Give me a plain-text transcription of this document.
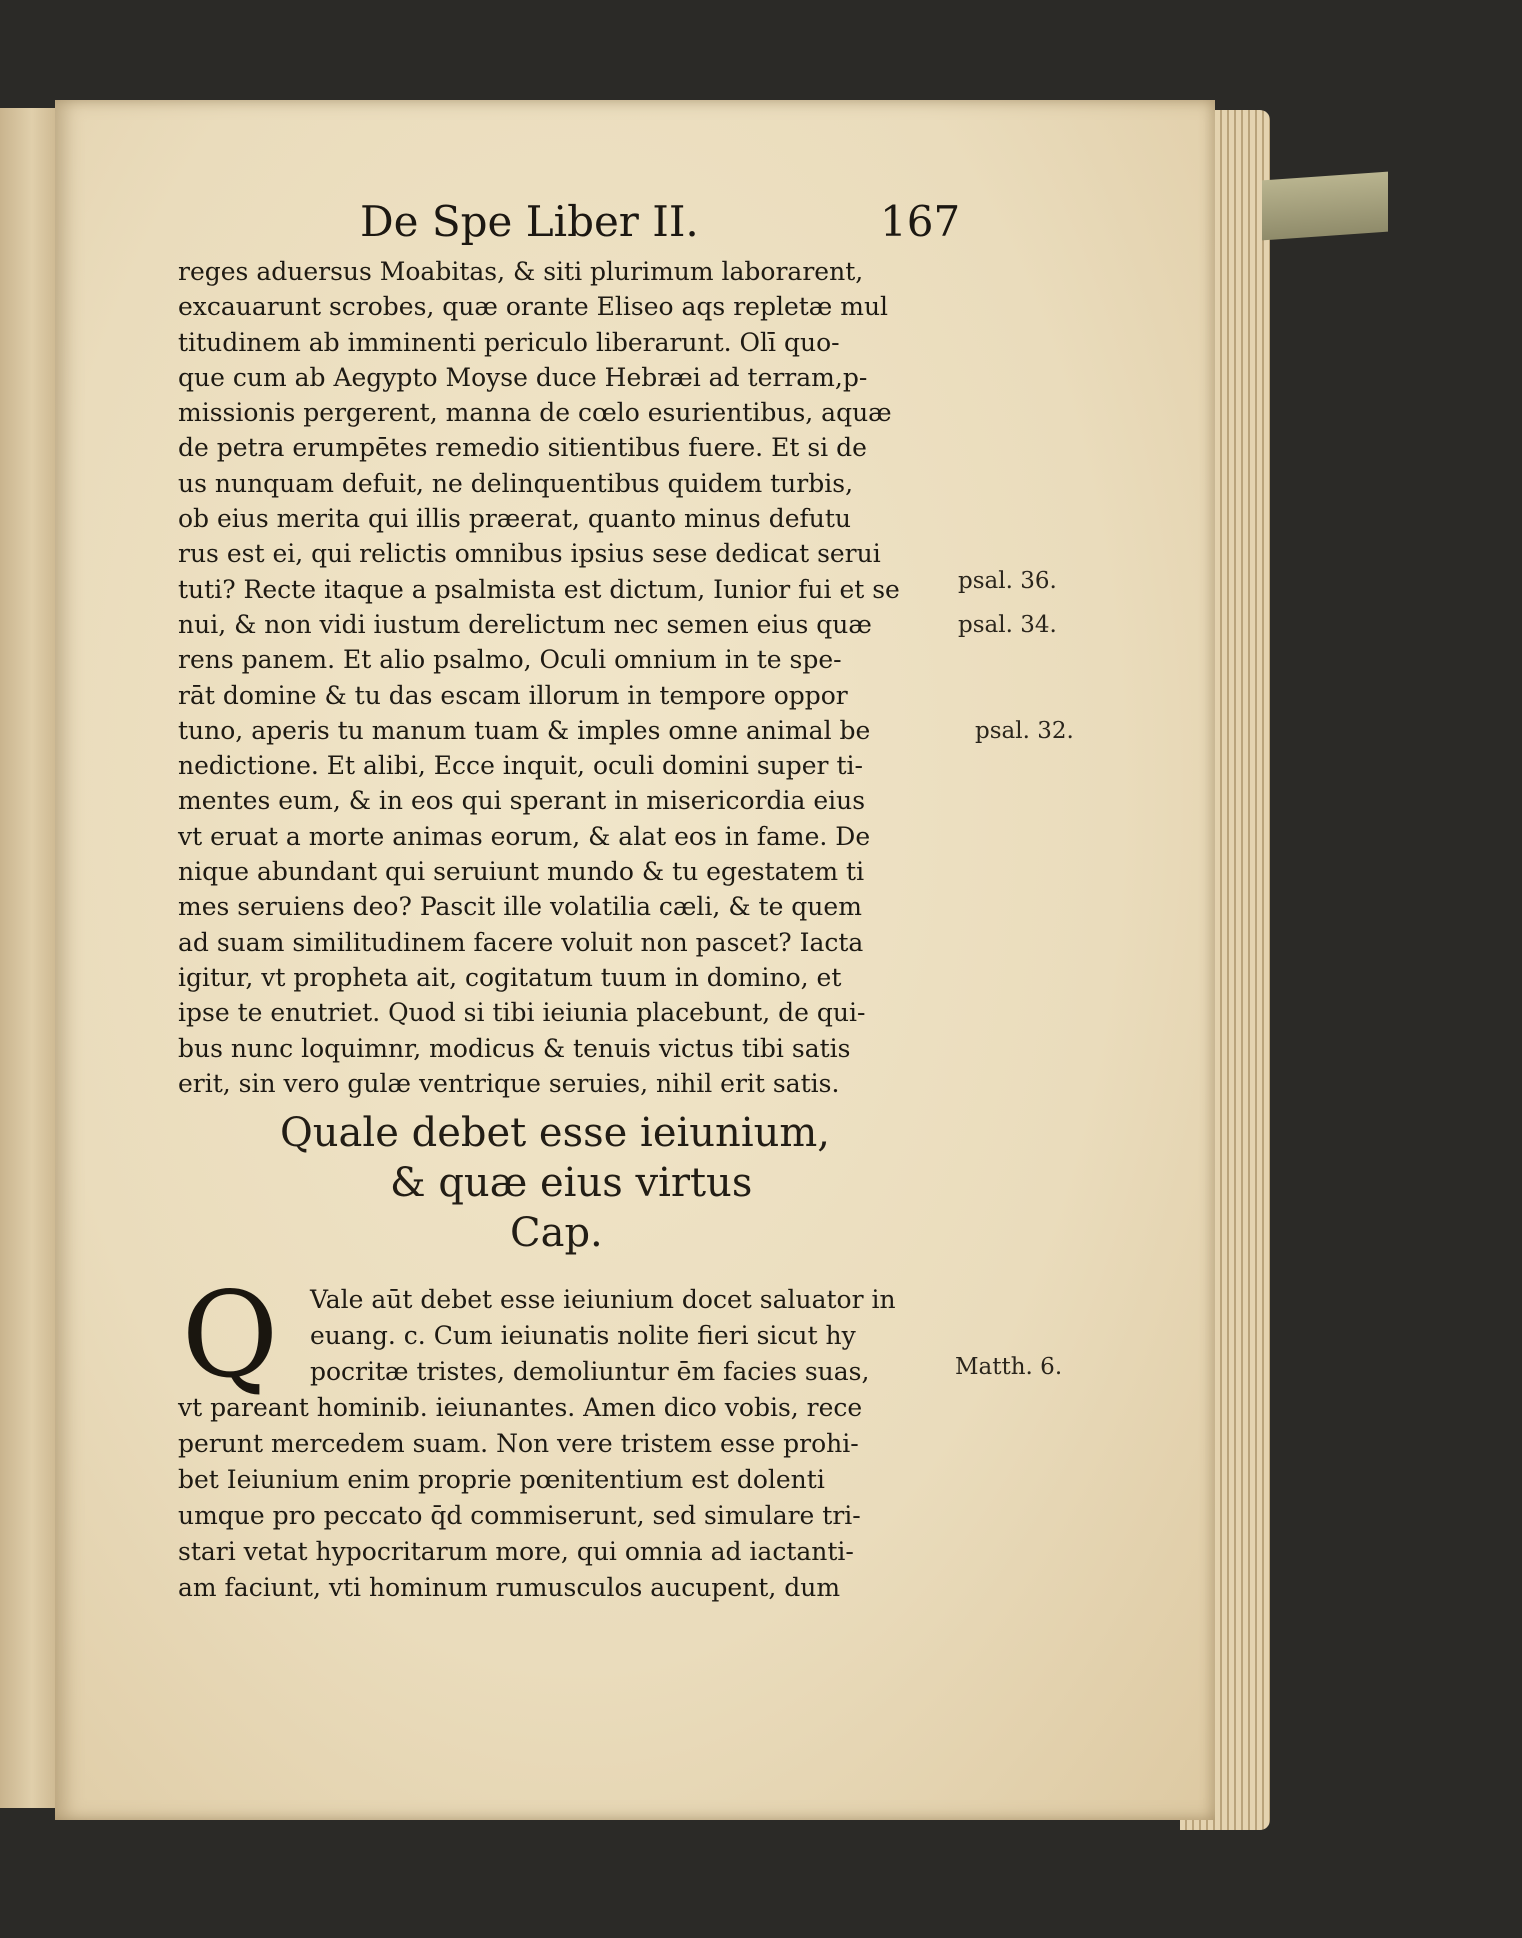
De Spe Liber II.	167
reges aduersus Moabitas, & siti plurimum laborarent,
excauarunt scrobes, quæ orante Eliseo aqs repletæ mul
titudinem ab imminenti periculo liberarunt. Olī quo-
que cum ab Aegypto Moyse duce Hebræi ad terram,p-
missionis pergerent, manna de cœlo esurientibus, aquæ
de petra erumpētes remedio sitientibus fuere. Et si de
us nunquam defuit, ne delinquentibus quidem turbis,
ob eius merita qui illis præerat, quanto minus defutu
rus est ei, qui relictis omnibus ipsius sese dedicat serui
tuti? Recte itaque a psalmista est dictum, Iunior fui et se
nui, & non vidi iustum derelictum nec semen eius quæ
rens panem. Et alio psalmo, Oculi omnium in te spe-
rāt domine & tu das escam illorum in tempore oppor
tuno, aperis tu manum tuam & imples omne animal be
nedictione. Et alibi, Ecce inquit, oculi domini super ti-
mentes eum, & in eos qui sperant in misericordia eius
vt eruat a morte animas eorum, & alat eos in fame. De
nique abundant qui seruiunt mundo & tu egestatem ti
mes seruiens deo? Pascit ille volatilia cæli, & te quem
ad suam similitudinem facere voluit non pascet? Iacta
igitur, vt propheta ait, cogitatum tuum in domino, et
ipse te enutriet. Quod si tibi ieiunia placebunt, de qui-
bus nunc loquimnr, modicus & tenuis victus tibi satis
erit, sin vero gulæ ventrique seruies, nihil erit satis.
Quale debet esse ieiunium,
& quæ eius virtus
Cap.
Q Vale aūt debet esse ieiunium docet saluator in
euang. c. Cum ieiunatis nolite fieri sicut hy
pocritæ tristes, demoliuntur ēm facies suas,
vt pareant hominib. ieiunantes. Amen dico vobis, rece
perunt mercedem suam. Non vere tristem esse prohi-
bet Ieiunium enim proprie pœnitentium est dolenti
umque pro peccato q̄d commiserunt, sed simulare tri-
stari vetat hypocritarum more, qui omnia ad iactanti-
am faciunt, vti hominum rumusculos aucupent, dum
psal. 36.
psal. 34.
psal. 32.
Matth. 6.
